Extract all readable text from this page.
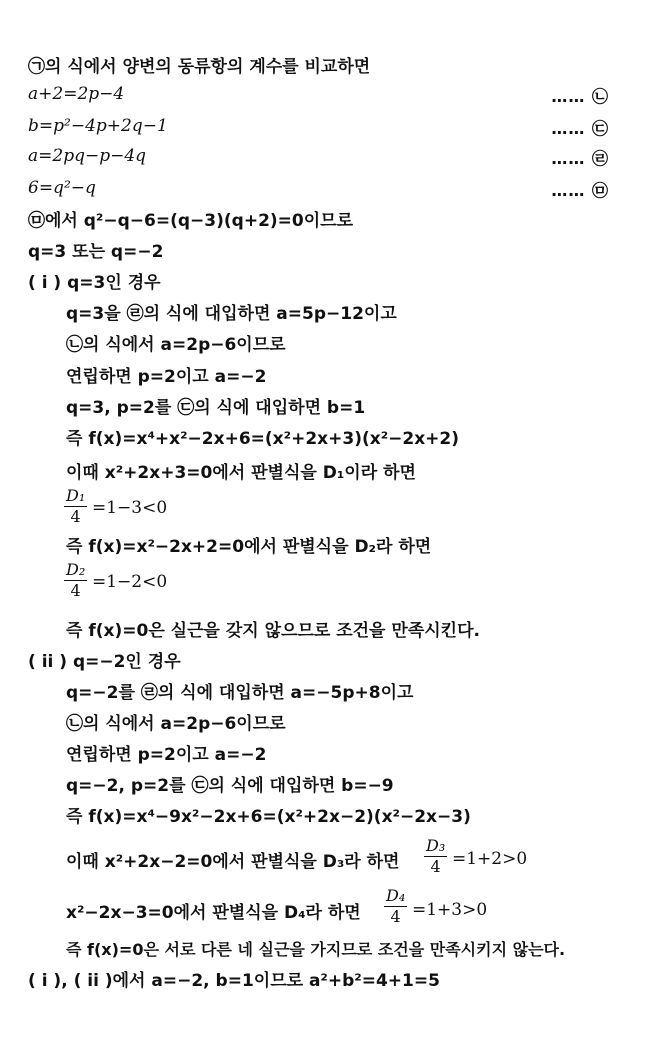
㉠의 식에서 양변의 동류항의 계수를 비교하면
a+2=2p−4	…… ㉡
b=p²−4p+2q−1	…… ㉢
a=2pq−p−4q	…… ㉣
6=q²−q	…… ㉤
㉤에서 q²−q−6=(q−3)(q+2)=0이므로
q=3 또는 q=−2
( i ) q=3인 경우
q=3을 ㉣의 식에 대입하면 a=5p−12이고
㉡의 식에서 a=2p−6이므로
연립하면 p=2이고 a=−2
q=3, p=2를 ㉢의 식에 대입하면 b=1
즉 f(x)=x⁴+x²−2x+6=(x²+2x+3)(x²−2x+2)
이때 x²+2x+3=0에서 판별식을 D₁이라 하면
D₁
4 =1−3<0
즉 f(x)=x²−2x+2=0에서 판별식을 D₂라 하면
D₂
4 =1−2<0
즉 f(x)=0은 실근을 갖지 않으므로 조건을 만족시킨다.
( ii ) q=−2인 경우
q=−2를 ㉣의 식에 대입하면 a=−5p+8이고
㉡의 식에서 a=2p−6이므로
연립하면 p=2이고 a=−2
q=−2, p=2를 ㉢의 식에 대입하면 b=−9
즉 f(x)=x⁴−9x²−2x+6=(x²+2x−2)(x²−2x−3)
이때 x²+2x−2=0에서 판별식을 D₃라 하면
D₃
4 =1+2>0
x²−2x−3=0에서 판별식을 D₄라 하면
D₄
4 =1+3>0
즉 f(x)=0은 서로 다른 네 실근을 가지므로 조건을 만족시키지 않는다.
( i ), ( ii )에서 a=−2, b=1이므로 a²+b²=4+1=5
